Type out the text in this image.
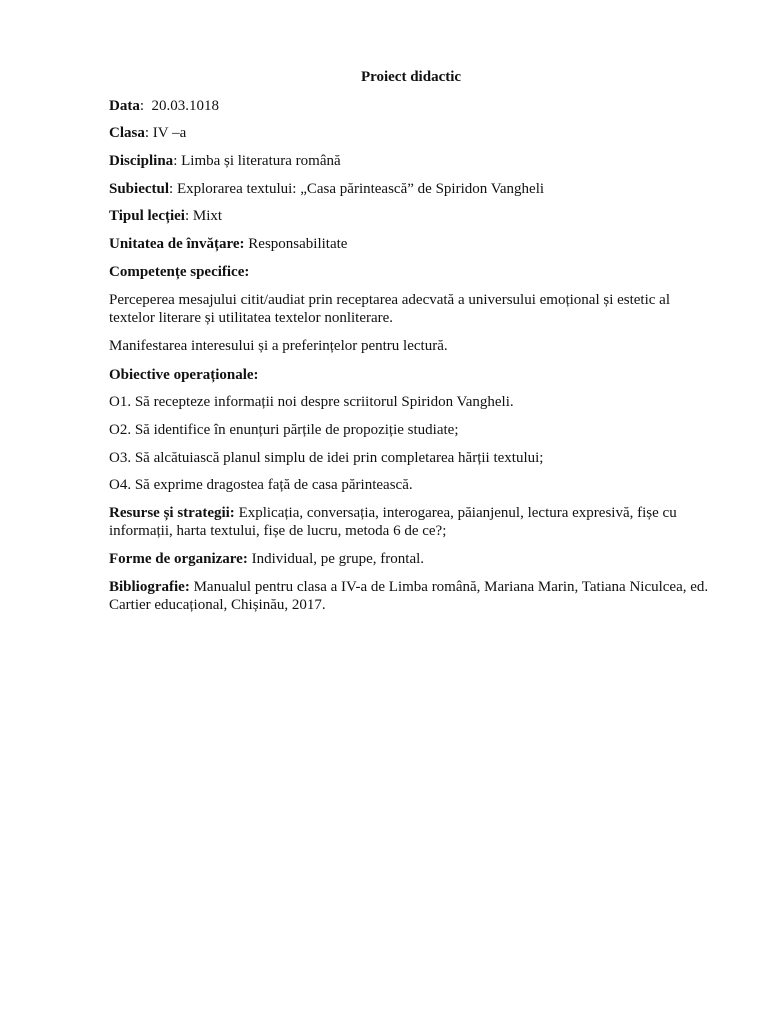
Proiect didactic
Data:  20.03.1018
Clasa: IV –a
Disciplina: Limba și literatura română
Subiectul: Explorarea textului: „Casa părintească” de Spiridon Vangheli
Tipul lecției: Mixt
Unitatea de învățare: Responsabilitate
Competențe specifice:
Perceperea mesajului citit/audiat prin receptarea adecvată a universului emoțional și estetic al textelor literare și utilitatea textelor nonliterare.
Manifestarea interesului și a preferințelor pentru lectură.
Obiective operaționale:
O1. Să recepteze informații noi despre scriitorul Spiridon Vangheli.
O2. Să identifice în enunțuri părțile de propoziție studiate;
O3. Să alcătuiască planul simplu de idei prin completarea hărții textului;
O4. Să exprime dragostea față de casa părintească.
Resurse și strategii: Explicația, conversația, interogarea, păianjenul, lectura expresivă, fișe cu informații, harta textului, fișe de lucru, metoda 6 de ce?;
Forme de organizare: Individual, pe grupe, frontal.
Bibliografie: Manualul pentru clasa a IV-a de Limba română, Mariana Marin, Tatiana Niculcea, ed. Cartier educațional, Chișinău, 2017.
